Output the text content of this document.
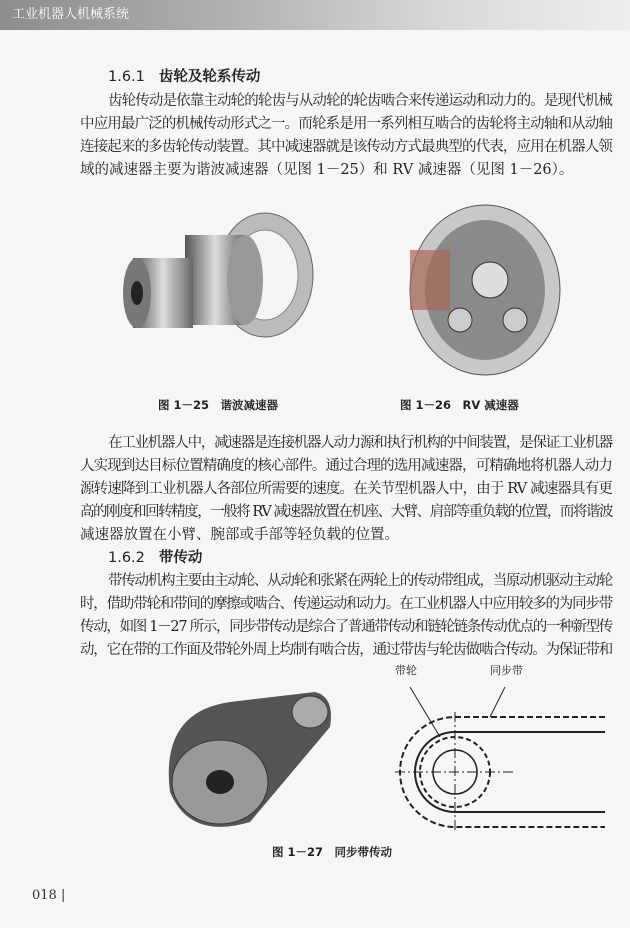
工业机器人机械系统
1.6.1 齿轮及轮系传动
齿轮传动是依靠主动轮的轮齿与从动轮的轮齿啮合来传递运动和动力的。是现代机械
中应用最广泛的机械传动形式之一。而轮系是用一系列相互啮合的齿轮将主动轴和从动轴
连接起来的多齿轮传动装置。其中减速器就是该传动方式最典型的代表，应用在机器人领
域的减速器主要为谐波减速器（见图 1－25）和 RV 减速器（见图 1－26）。
图 1－25　谐波减速器	图 1－26　RV 减速器
在工业机器人中，减速器是连接机器人动力源和执行机构的中间装置，是保证工业机器
人实现到达目标位置精确度的核心部件。通过合理的选用减速器，可精确地将机器人动力
源转速降到工业机器人各部位所需要的速度。在关节型机器人中，由于 RV 减速器具有更
高的刚度和回转精度，一般将 RV 减速器放置在机座、大臂、肩部等重负载的位置，而将谐波
减速器放置在小臂、腕部或手部等轻负载的位置。
1.6.2 带传动
带传动机构主要由主动轮、从动轮和张紧在两轮上的传动带组成，当原动机驱动主动轮
时，借助带轮和带间的摩擦或啮合、传递运动和动力。在工业机器人中应用较多的为同步带
传动，如图 1－27 所示，同步带传动是综合了普通带传动和链轮链条传动优点的一种新型传
动，它在带的工作面及带轮外周上均制有啮合齿，通过带齿与轮齿做啮合传动。为保证带和
带轮	同步带
图 1－27　同步带传动
018 |
